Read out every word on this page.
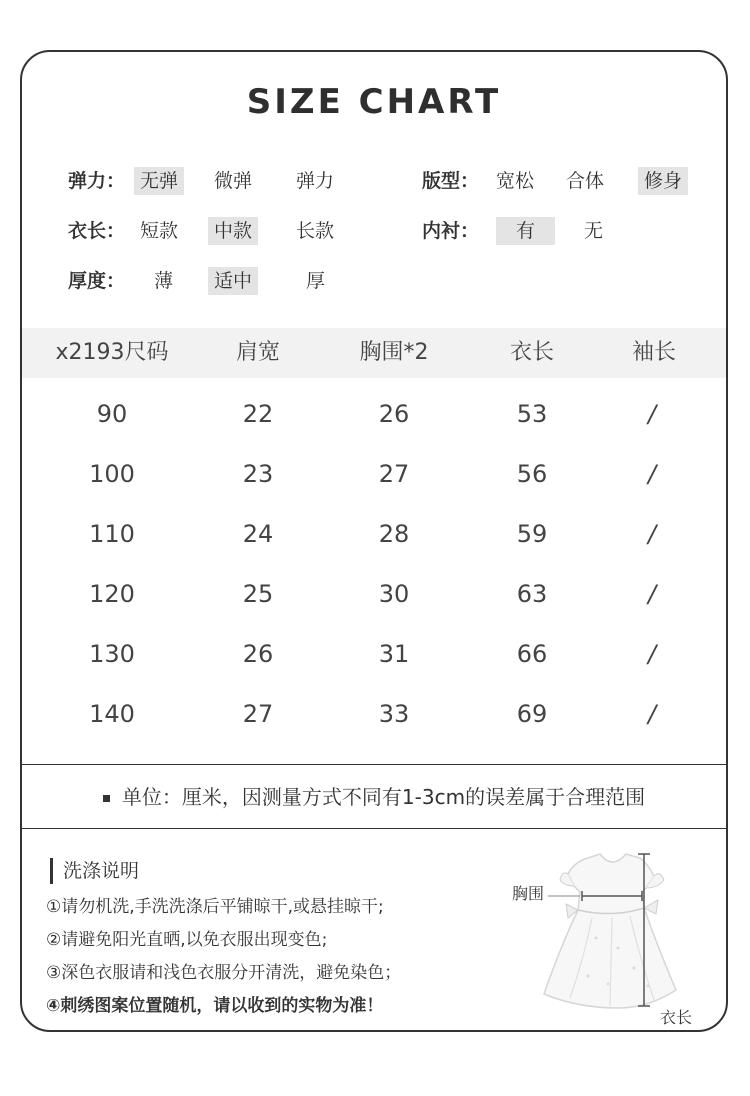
SIZE CHART
弹力： 无弹	微弹	弹力	版型： 宽松	合体	修身
衣长： 短款	中款	长款	内衬：	有	无
厚度：	薄	适中	厚
x2193尺码	肩宽	胸围*2	衣长	袖长
90	22	26	53	/
100	23	27	56	/
110	24	28	59	/
120	25	30	63	/
130	26	31	66	/
140	27	33	69	/
单位：厘米，因测量方式不同有1-3cm的误差属于合理范围
洗涤说明
①请勿机洗,手洗洗涤后平铺晾干,或悬挂晾干;
②请避免阳光直晒,以免衣服出现变色;
③深色衣服请和浅色衣服分开清洗，避免染色；
④刺绣图案位置随机，请以收到的实物为准！
胸围
衣长
